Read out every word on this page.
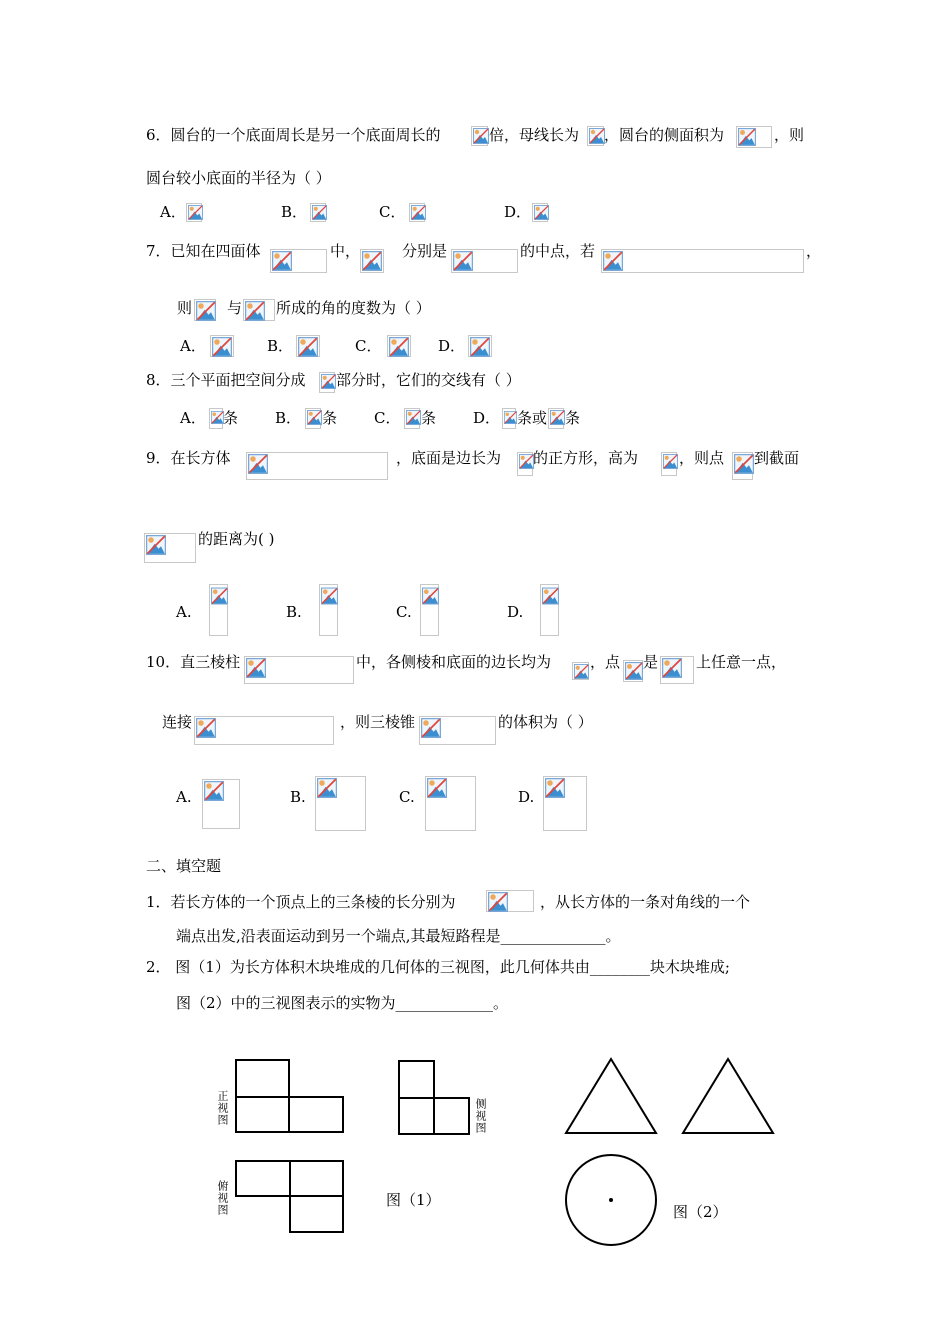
6．圆台的一个底面周长是另一个底面周长的	倍，母线长为 ，圆台的侧面积为	，则
圆台较小底面的半径为（ ）
A．	B．	C．	D．
7．已知在四面体	中，	分别是	的中点，若	，
则 与 所成的角的度数为（ ）
A．	B．	C．	D．
8．三个平面把空间分成 部分时，它们的交线有（ ）
A． 条 B． 条 C． 条 D． 条或 条
9．在长方体	，底面是边长为 的正方形，高为	，则点 到截面
的距离为( )
A.	B.	C.	D.
10．直三棱柱	中，各侧棱和底面的边长均为	，点 是	上任意一点，
连接	，则三棱锥	的体积为（ ）
A.	B.	C.	D.
二、填空题
1．若长方体的一个顶点上的三条棱的长分别为	，从长方体的一条对角线的一个
端点出发,沿表面运动到另一个端点,其最短路程是______________。
2． 图（1）为长方体积木块堆成的几何体的三视图，此几何体共由________块木块堆成;
图（2）中的三视图表示的实物为_____________。
正视图	侧视图
俯视图	图（1）
图（2）
